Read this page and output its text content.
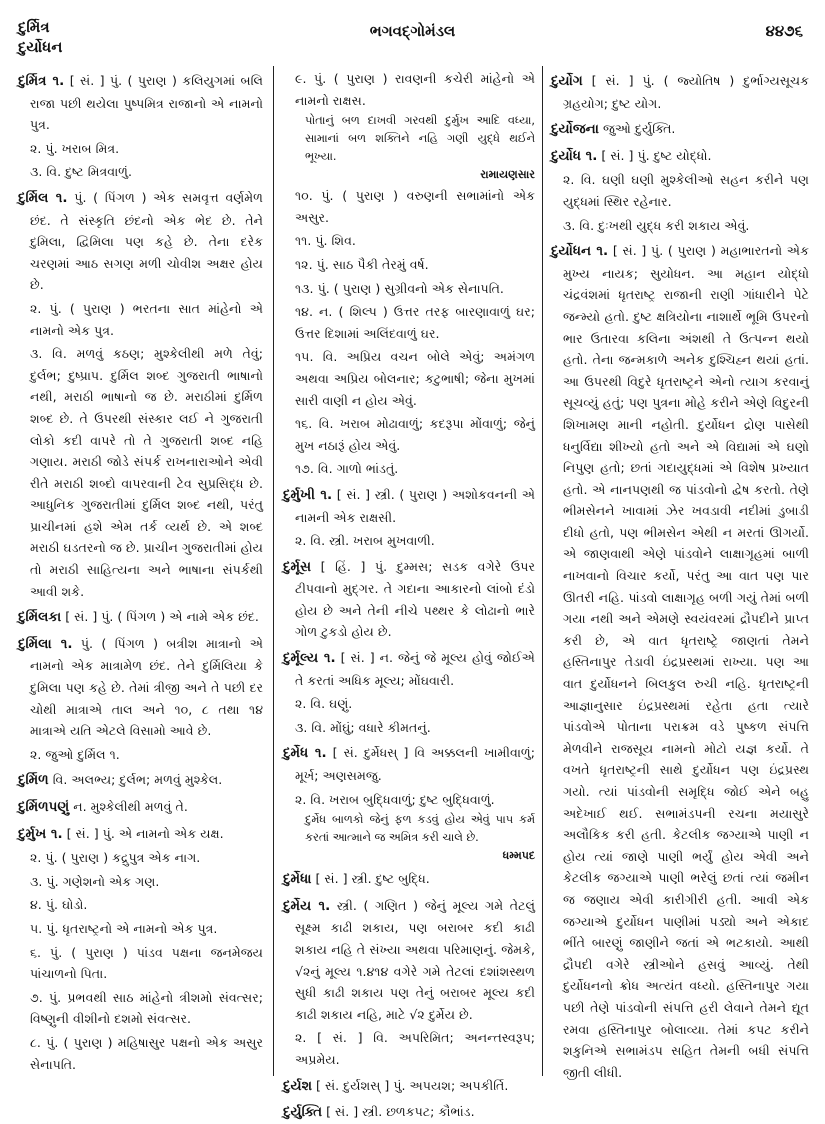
દુર્મિત્ર
દુર્યોધન
ભગવદ્ગોમંડલ	૪૪૭૬
દુર્મિત્ર ૧. [ સં. ] પું. ( પુરાણ ) કલિયુગમાં બલિ રાજા પછી થયેલા પુષ્પમિત્ર રાજાનો એ નામનો પુત્ર.
૨. પું. ખરાબ મિત્ર.
૩. વિ. દુષ્ટ મિત્રવાળું.
દુર્મિલ ૧. પું. ( પિંગળ ) એક સમવૃત્ત વર્ણમેળ છંદ. તે સંસ્કૃતિ છંદનો એક ભેદ છે. તેને દુમિલા, દ્વિમિલા પણ કહે છે. તેના દરેક ચરણમાં આઠ સગણ મળી ચોવીશ અક્ષર હોય છે.
૨. પું. ( પુરાણ ) ભરતના સાત માંહેનો એ નામનો એક પુત્ર.
૩. વિ. મળવું કઠણ; મુશ્કેલીથી મળે તેવું; દુર્લભ; દુષ્પ્રાપ. દુર્મિલ શબ્દ ગુજરાતી ભાષાનો નથી, મરાઠી ભાષાનો જ છે. મરાઠીમાં દુર્મિળ શબ્દ છે. તે ઉપરથી સંસ્કાર લઈ ને ગુજરાતી લોકો કદી વાપરે તો તે ગુજરાતી શબ્દ નહિ ગણાય. મરાઠી જોડે સંપર્ક રાખનારાઓને એવી રીતે મરાઠી શબ્દો વાપરવાની ટેવ સુપ્રસિદ્ધ છે. આધુનિક ગુજરાતીમાં દુર્મિલ શબ્દ નથી, પરંતુ પ્રાચીનમાં હશે એમ તર્ક વ્યર્થ છે. એ શબ્દ મરાઠી ઘડતરનો જ છે. પ્રાચીન ગુજરાતીમાં હોય તો મરાઠી સાહિત્યના અને ભાષાના સંપર્કથી આવી શકે.
દુર્મિલકા [ સં. ] પું. ( પિંગળ ) એ નામે એક છંદ.
દુર્મિલા ૧. પું. ( પિંગળ ) બત્રીશ માત્રાનો એ નામનો એક માત્રામેળ છંદ. તેને દુર્મિલિયા કે દુમિલા પણ કહે છે. તેમાં ત્રીજી અને તે પછી દર ચોથી માત્રાએ તાલ અને ૧૦, ૮ તથા ૧૪ માત્રાએ યતિ એટલે વિસામો આવે છે.
૨. જુઓ દુર્મિલ ૧.
દુર્મિળ વિ. અલભ્ય; દુર્લભ; મળવું મુશ્કેલ.
દુર્મિળપણું ન. મુશ્કેલીથી મળવું તે.
દુર્મુખ ૧. [ સં. ] પું. એ નામનો એક યક્ષ.
૨. પું. ( પુરાણ ) કદ્રુપુત્ર એક નાગ.
૩. પું. ગણેશનો એક ગણ.
૪. પું. ઘોડો.
૫. પું. ધૃતરાષ્ટ્રનો એ નામનો એક પુત્ર.
૬. પું. ( પુરાણ ) પાંડવ પક્ષના જનમેજય પાંચાળનો પિતા.
૭. પું. પ્રભવથી સાઠ માંહેનો ત્રીશમો સંવત્સર; વિષ્ણુની વીશીનો દશમો સંવત્સર.
૮. પું. ( પુરાણ ) મહિષાસુર પક્ષનો એક અસુર સેનાપતિ.
૯. પું. ( પુરાણ ) રાવણની કચેરી માંહેનો એ નામનો રાક્ષસ.
પોતાનું બળ દાખવી ગરવથી દુર્મુખ આદિ વધ્યા, સામાનાં બળ શક્તિને નહિ ગણી યુદ્ધે થઈને ભૂખ્યા.
રામાયણસાર
૧૦. પું. ( પુરાણ ) વરુણની સભામાંનો એક અસુર.
૧૧. પું. શિવ.
૧૨. પું. સાઠ પૈકી તેરમું વર્ષ.
૧૩. પું. ( પુરાણ ) સુગ્રીવનો એક સેનાપતિ.
૧૪. ન. ( શિલ્પ ) ઉત્તર તરફ બારણાવાળું ઘર; ઉત્તર દિશામાં અલિંદવાળું ઘર.
૧૫. વિ. અપ્રિય વચન બોલે એવું; અમંગળ અથવા અપ્રિય બોલનાર; કટુભાષી; જેના મુખમાં સારી વાણી ન હોય એવું.
૧૬. વિ. ખરાબ મોઢાવાળું; કદરૂપા મોંવાળું; જેનું મુખ નઠારૂં હોય એવું.
૧૭. વિ. ગાળો ભાંડતું.
દુર્મુખી ૧. [ સં. ] સ્ત્રી. ( પુરાણ ) અશોકવનની એ નામની એક રાક્ષસી.
૨. વિ. સ્ત્રી. ખરાબ મુખવાળી.
દુર્મૂસ [ હિં. ] પું. દુમ્મસ; સડક વગેરે ઉપર ટીપવાનો મુદ્ગર. તે ગદાના આકારનો લાંબો દંડો હોય છે અને તેની નીચે પથ્થર કે લોઢાનો ભારે ગોળ ટુકડો હોય છે.
દુર્મૂલ્ય ૧. [ સં. ] ન. જેનું જે મૂલ્ય હોવું જોઈએ તે કરતાં અધિક મૂલ્ય; મોંઘવારી.
૨. વિ. ઘણું.
૩. વિ. મોંઘું; વધારે કીમતનું.
દુર્મેધ ૧. [ સં. દુર્મેધસ્ ] વિ અક્કલની ખામીવાળું; મૂર્ખ; અણસમજુ.
૨. વિ. ખરાબ બુદ્ધિવાળું; દુષ્ટ બુદ્ધિવાળું.
દુર્મેધ બાળકો જેનું ફળ કડવું હોય એવું પાપ કર્મ કરતાં આત્માને જ અમિત્ર કરી ચાલે છે.
ધમ્મપદ
દુર્મેધા [ સં. ] સ્ત્રી. દુષ્ટ બુદ્ધિ.
દુર્મેય ૧. સ્ત્રી. ( ગણિત ) જેનું મૂલ્ય ગમે તેટલું સૂક્ષ્મ કાઢી શકાય, પણ બરાબર કદી કાઢી શકાય નહિ તે સંખ્યા અથવા પરિમાણનું. જેમકે, √૨નું મૂલ્ય ૧.૪૧૪ વગેરે ગમે તેટલાં દશાંશસ્થળ સુધી કાઢી શકાય પણ તેનું બરાબર મૂલ્ય કદી કાઢી શકાય નહિ, માટે √૨ દુર્મેય છે.
૨. [ સં. ] વિ. અપરિમિત; અનન્તસ્વરૂપ; અપ્રમેય.
દુર્યશ [ સં. દુર્યશસ્ ] પું. અપયશ; અપકીર્તિ.
દુર્યુક્તિ [ સં. ] સ્ત્રી. છળકપટ; કૌભાંડ.
દુર્યોગ [ સં. ] પું. ( જ્યોતિષ ) દુર્ભાગ્યસૂચક ગ્રહયોગ; દુષ્ટ યોગ.
દુર્યોજના જુઓ દુર્યુક્તિ.
દુર્યોધ ૧. [ સં. ] પું. દુષ્ટ યોદ્ધો.
૨. વિ. ઘણી ઘણી મુશ્કેલીઓ સહન કરીને પણ યુદ્ધમાં સ્થિર રહેનાર.
૩. વિ. દુઃખથી યુદ્ધ કરી શકાય એવું.
દુર્યોધન ૧. [ સં. ] પું. ( પુરાણ ) મહાભારતનો એક મુખ્ય નાયક; સુયોધન. આ મહાન યોદ્ધો ચંદ્રવંશમાં ધૃતરાષ્ટ્ર રાજાની રાણી ગાંધારીને પેટે જન્મ્યો હતો. દુષ્ટ ક્ષત્રિયોના નાશાર્થે ભૂમિ ઉપરનો ભાર ઉતારવા કલિના અંશથી તે ઉત્પન્ન થયો હતો. તેના જન્મકાળે અનેક દુશ્ચિહ્ન થયાં હતાં. આ ઉપરથી વિદુરે ધૃતરાષ્ટ્રને એનો ત્યાગ કરવાનું સૂચવ્યું હતું; પણ પુત્રના મોહે કરીને એણે વિદુરની શિખામણ માની નહોતી. દુર્યોધન દ્રોણ પાસેથી ધનુર્વિદ્યા શીખ્યો હતો અને એ વિદ્યામાં એ ઘણો નિપુણ હતો; છતાં ગદાયુદ્ધમાં એ વિશેષ પ્રખ્યાત હતો. એ નાનપણથી જ પાંડવોનો દ્વેષ કરતો. તેણે ભીમસેનને ખાવામાં ઝેર ખવડાવી નદીમાં ડુબાડી દીધો હતો, પણ ભીમસેન એથી ન મરતાં ઊગર્યો. એ જાણવાથી એણે પાંડવોને લાક્ષાગૃહમાં બાળી નાખવાનો વિચાર કર્યો, પરંતુ આ વાત પણ પાર ઊતરી નહિ. પાંડવો લાક્ષાગૃહ બળી ગયું તેમાં બળી ગયા નથી અને એમણે સ્વયંવરમાં દ્રૌપદીને પ્રાપ્ત કરી છે, એ વાત ધૃતરાષ્ટ્રે જાણતાં તેમને હસ્તિનાપુર તેડાવી ઇંદ્રપ્રસ્થમાં રાખ્યા. પણ આ વાત દુર્યોધનને બિલકુલ રુચી નહિ. ધૃતરાષ્ટ્રની આજ્ઞાનુસાર ઇંદ્રપ્રસ્થમાં રહેતા હતા ત્યારે પાંડવોએ પોતાના પરાક્રમ વડે પુષ્કળ સંપત્તિ મેળવીને રાજસૂય નામનો મોટો યજ્ઞ કર્યો. તે વખતે ધૃતરાષ્ટ્રની સાથે દુર્યોધન પણ ઇંદ્રપ્રસ્થ ગયો. ત્યાં પાંડવોની સમૃદ્ધિ જોઈ એને બહુ અદેખાઈ થઈ. સભામંડપની રચના મયાસુરે અલૌકિક કરી હતી. કેટલીક જગ્યાએ પાણી ન હોય ત્યાં જાણે પાણી ભર્યું હોય એવી અને કેટલીક જગ્યાએ પાણી ભરેલું છતાં ત્યાં જમીન જ જણાય એવી કારીગીરી હતી. આવી એક જગ્યાએ દુર્યોધન પાણીમાં પડ્યો અને એકાદ ભીંતે બારણું જાણીને જતાં એ ભટકાયો. આથી દ્રૌપદી વગેરે સ્ત્રીઓને હસવું આવ્યું. તેથી દુર્યોધનનો ક્રોધ અત્યંત વધ્યો. હસ્તિનાપુર ગયા પછી તેણે પાંડવોની સંપત્તિ હરી લેવાને તેમને દ્યૂત રમવા હસ્તિનાપુર બોલાવ્યા. તેમાં કપટ કરીને શકુનિએ સભામંડપ સહિત તેમની બધી સંપત્તિ જીતી લીધી.
